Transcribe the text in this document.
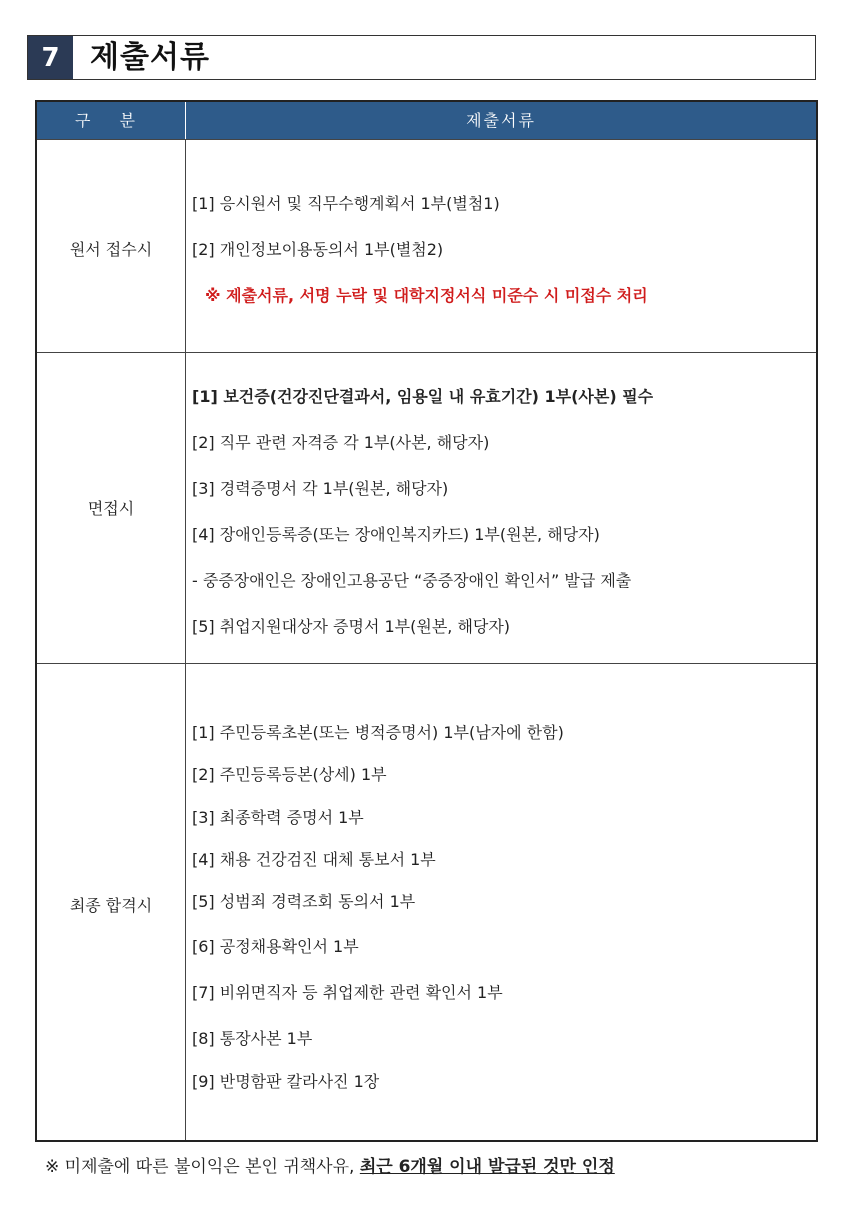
7	제출서류
구 분	제출서류
원서 접수시
[1] 응시원서 및 직무수행계획서 1부(별첨1)
[2] 개인정보이용동의서 1부(별첨2)
※ 제출서류, 서명 누락 및 대학지정서식 미준수 시 미접수 처리
면접시
[1] 보건증(건강진단결과서, 임용일 내 유효기간) 1부(사본) 필수
[2] 직무 관련 자격증 각 1부(사본, 해당자)
[3] 경력증명서 각 1부(원본, 해당자)
[4] 장애인등록증(또는 장애인복지카드) 1부(원본, 해당자)
- 중증장애인은 장애인고용공단 “중증장애인 확인서” 발급 제출
[5] 취업지원대상자 증명서 1부(원본, 해당자)
최종 합격시
[1] 주민등록초본(또는 병적증명서) 1부(남자에 한함)
[2] 주민등록등본(상세) 1부
[3] 최종학력 증명서 1부
[4] 채용 건강검진 대체 통보서 1부
[5] 성범죄 경력조회 동의서 1부
[6] 공정채용확인서 1부
[7] 비위면직자 등 취업제한 관련 확인서 1부
[8] 통장사본 1부
[9] 반명함판 칼라사진 1장
※ 미제출에 따른 불이익은 본인 귀책사유, 최근 6개월 이내 발급된 것만 인정
